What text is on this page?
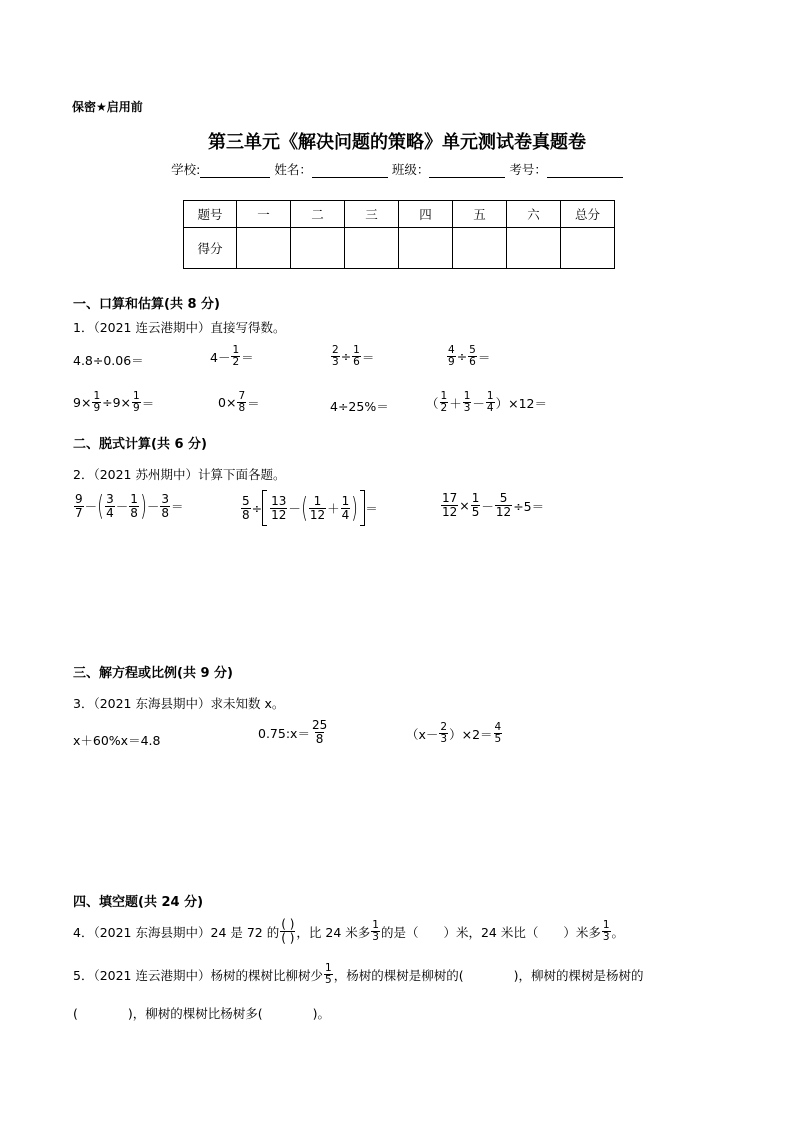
保密★启用前
第三单元《解决问题的策略》单元测试卷真题卷
学校:	姓名：	班级：	考号：
题号	一	二	三	四	五	六	总分
得分							
一、口算和估算(共 8 分)
1．（2021 连云港期中）直接写得数。
4.8÷0.06＝	$4- \frac{1}{2}$ ＝	$\frac{2}{3} \div \frac{1}{6}$ ＝	$\frac{4}{9} \div \frac{5}{6}$ ＝
$9\times \frac{1}{9} \div 9\times \frac{1}{9}$ ＝	$0\times \frac{7}{8}$ ＝	4÷25%＝	（ $\frac{1}{2} + \frac{1}{3} - \frac{1}{4} )\times 12=$
二、脱式计算(共 6 分)
2．（2021 苏州期中）计算下面各题。
$\frac{9}{7}$ － ( $\frac{3}{4} - \frac{1}{8}$ ) － $\frac{3}{8}$ ＝	$\frac{5}{8} \div \frac{13}{12}$ － ( $\frac{1}{12} + \frac{1}{4}$ ) ＝	$\frac{17}{12} \times \frac{1}{5} - \frac{5}{12} \div 5=$
三、解方程或比例(共 9 分)
3．（2021 东海县期中）求未知数 x。
x＋60%x＝4.8	0.75:x＝ $\frac{25}{8}$	$(x- \frac{2}{3} )\times 2= \frac{4}{5}$
四、填空题(共 24 分)
4．（2021 东海县期中）24 是 72 的 $\frac{( )}{( )}$ ，比 24 米多 $\frac{1}{3}$ 的是（　　）米，24 米比（　　）米多 $\frac{1}{3}$ 。
5．（2021 连云港期中）杨树的棵树比柳树少 $\frac{1}{5}$ ，杨树的棵树是柳树的(　　　　)，柳树的棵树是杨树的
(　　　　)，柳树的棵树比杨树多(　　　　)。
